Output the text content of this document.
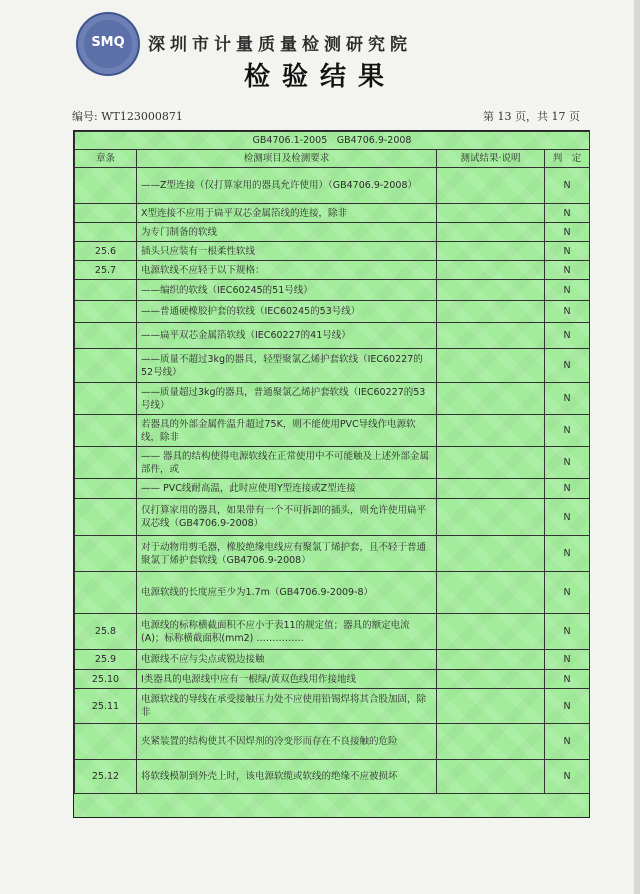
SMQ	深圳市计量质量检测研究院
检验结果
编号: WT123000871	第 13 页，共 17 页
GB4706.1-2005　GB4706.9-2008			
章条	检测项目及检测要求	测试结果·说明	判　定
	——Z型连接（仅打算家用的器具允许使用）（GB4706.9-2008）		N
	X型连接不应用于扁平双芯金属箔线的连接，除非		N
	为专门制备的软线		N
25.6	插头只应装有一根柔性软线		N
25.7	电源软线不应轻于以下规格：		N
	——编织的软线（IEC60245的51号线）		N
	——普通硬橡胶护套的软线（IEC60245的53号线）		N
	——扁平双芯金属箔软线（IEC60227的41号线）		N
	——质量不超过3kg的器具，轻型聚氯乙烯护套软线（IEC60227的52号线）		N
	——质量超过3kg的器具，普通聚氯乙烯护套软线（IEC60227的53号线）		N
	若器具的外部金属件温升超过75K，则不能使用PVC导线作电源软线，除非		N
	—— 器具的结构使得电源软线在正常使用中不可能触及上述外部金属部件，或		N
	—— PVC线耐高温，此时应使用Y型连接或Z型连接		N
	仅打算家用的器具，如果带有一个不可拆卸的插头，则允许使用扁平双芯线（GB4706.9-2008）		N
	对于动物用剪毛器，橡胶绝缘电线应有聚氯丁烯护套，且不轻于普通聚氯丁烯护套软线（GB4706.9-2008）		N
	电源软线的长度应至少为1.7m（GB4706.9-2009-8）		N
25.8	电源线的标称横截面积不应小于表11的规定值；器具的额定电流(A)；标称横截面积(mm2) ……………		N
25.9	电源线不应与尖点或锐边接触		N
25.10	Ⅰ类器具的电源线中应有一根绿/黄双色线用作接地线		N
25.11	电源软线的导线在承受接触压力处不应使用铅锡焊将其合股加固，除非		N
	夹紧装置的结构使其不因焊剂的冷变形而存在不良接触的危险		N
25.12	将软线模制到外壳上时，该电源软缆或软线的绝缘不应被损坏		N
